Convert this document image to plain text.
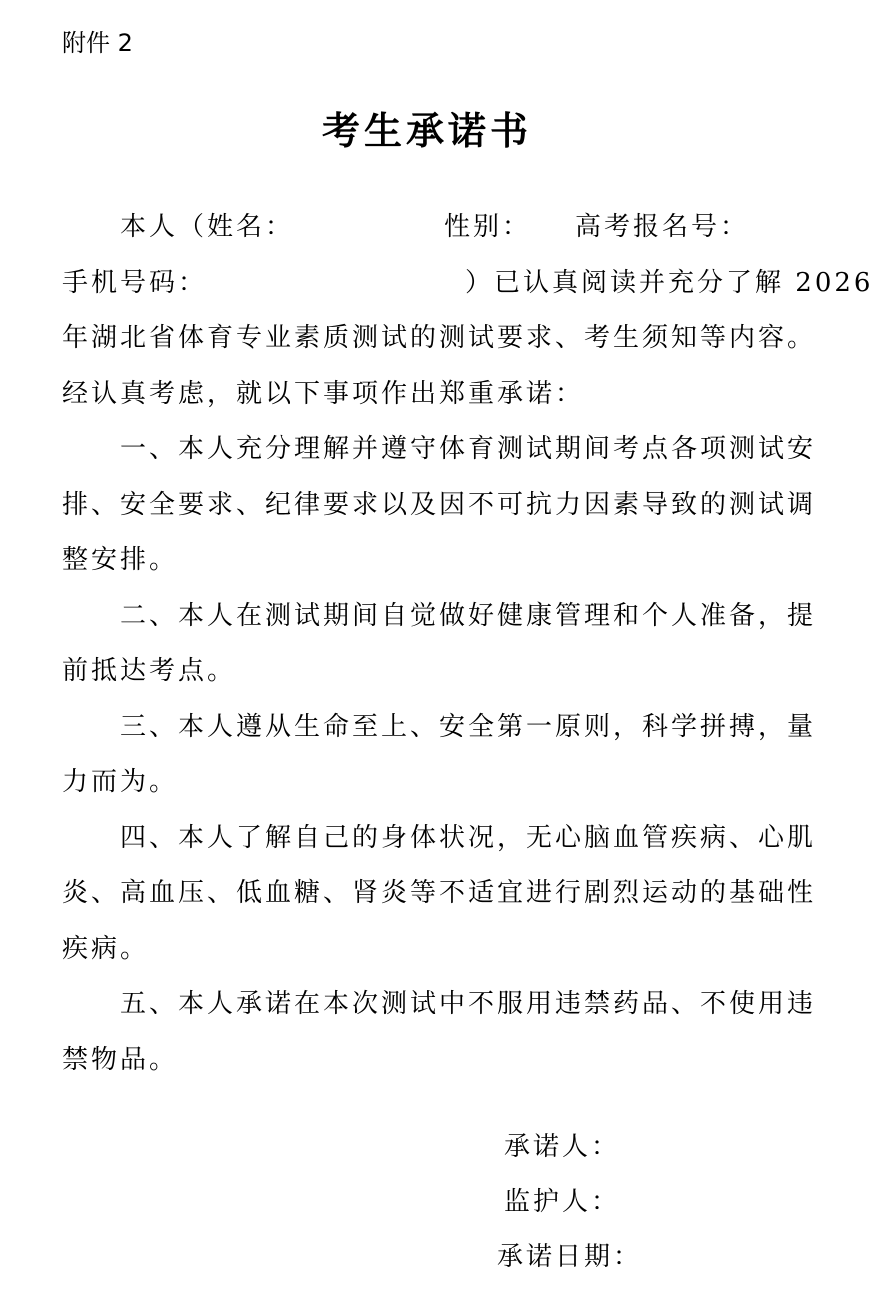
附件 2

考生承诺书
本人（姓名：	性别： 高考报名号：
手机号码：	）已认真阅读并充分了解 2026
年湖北省体育专业素质测试的测试要求、考生须知等内容。
经认真考虑，就以下事项作出郑重承诺：
一、本人充分理解并遵守体育测试期间考点各项测试安
排、安全要求、纪律要求以及因不可抗力因素导致的测试调
整安排。
二、本人在测试期间自觉做好健康管理和个人准备，提
前抵达考点。
三、本人遵从生命至上、安全第一原则，科学拼搏，量
力而为。
四、本人了解自己的身体状况，无心脑血管疾病、心肌
炎、高血压、低血糖、肾炎等不适宜进行剧烈运动的基础性
疾病。
五、本人承诺在本次测试中不服用违禁药品、不使用违
禁物品。
承诺人：
监护人：
承诺日期：
